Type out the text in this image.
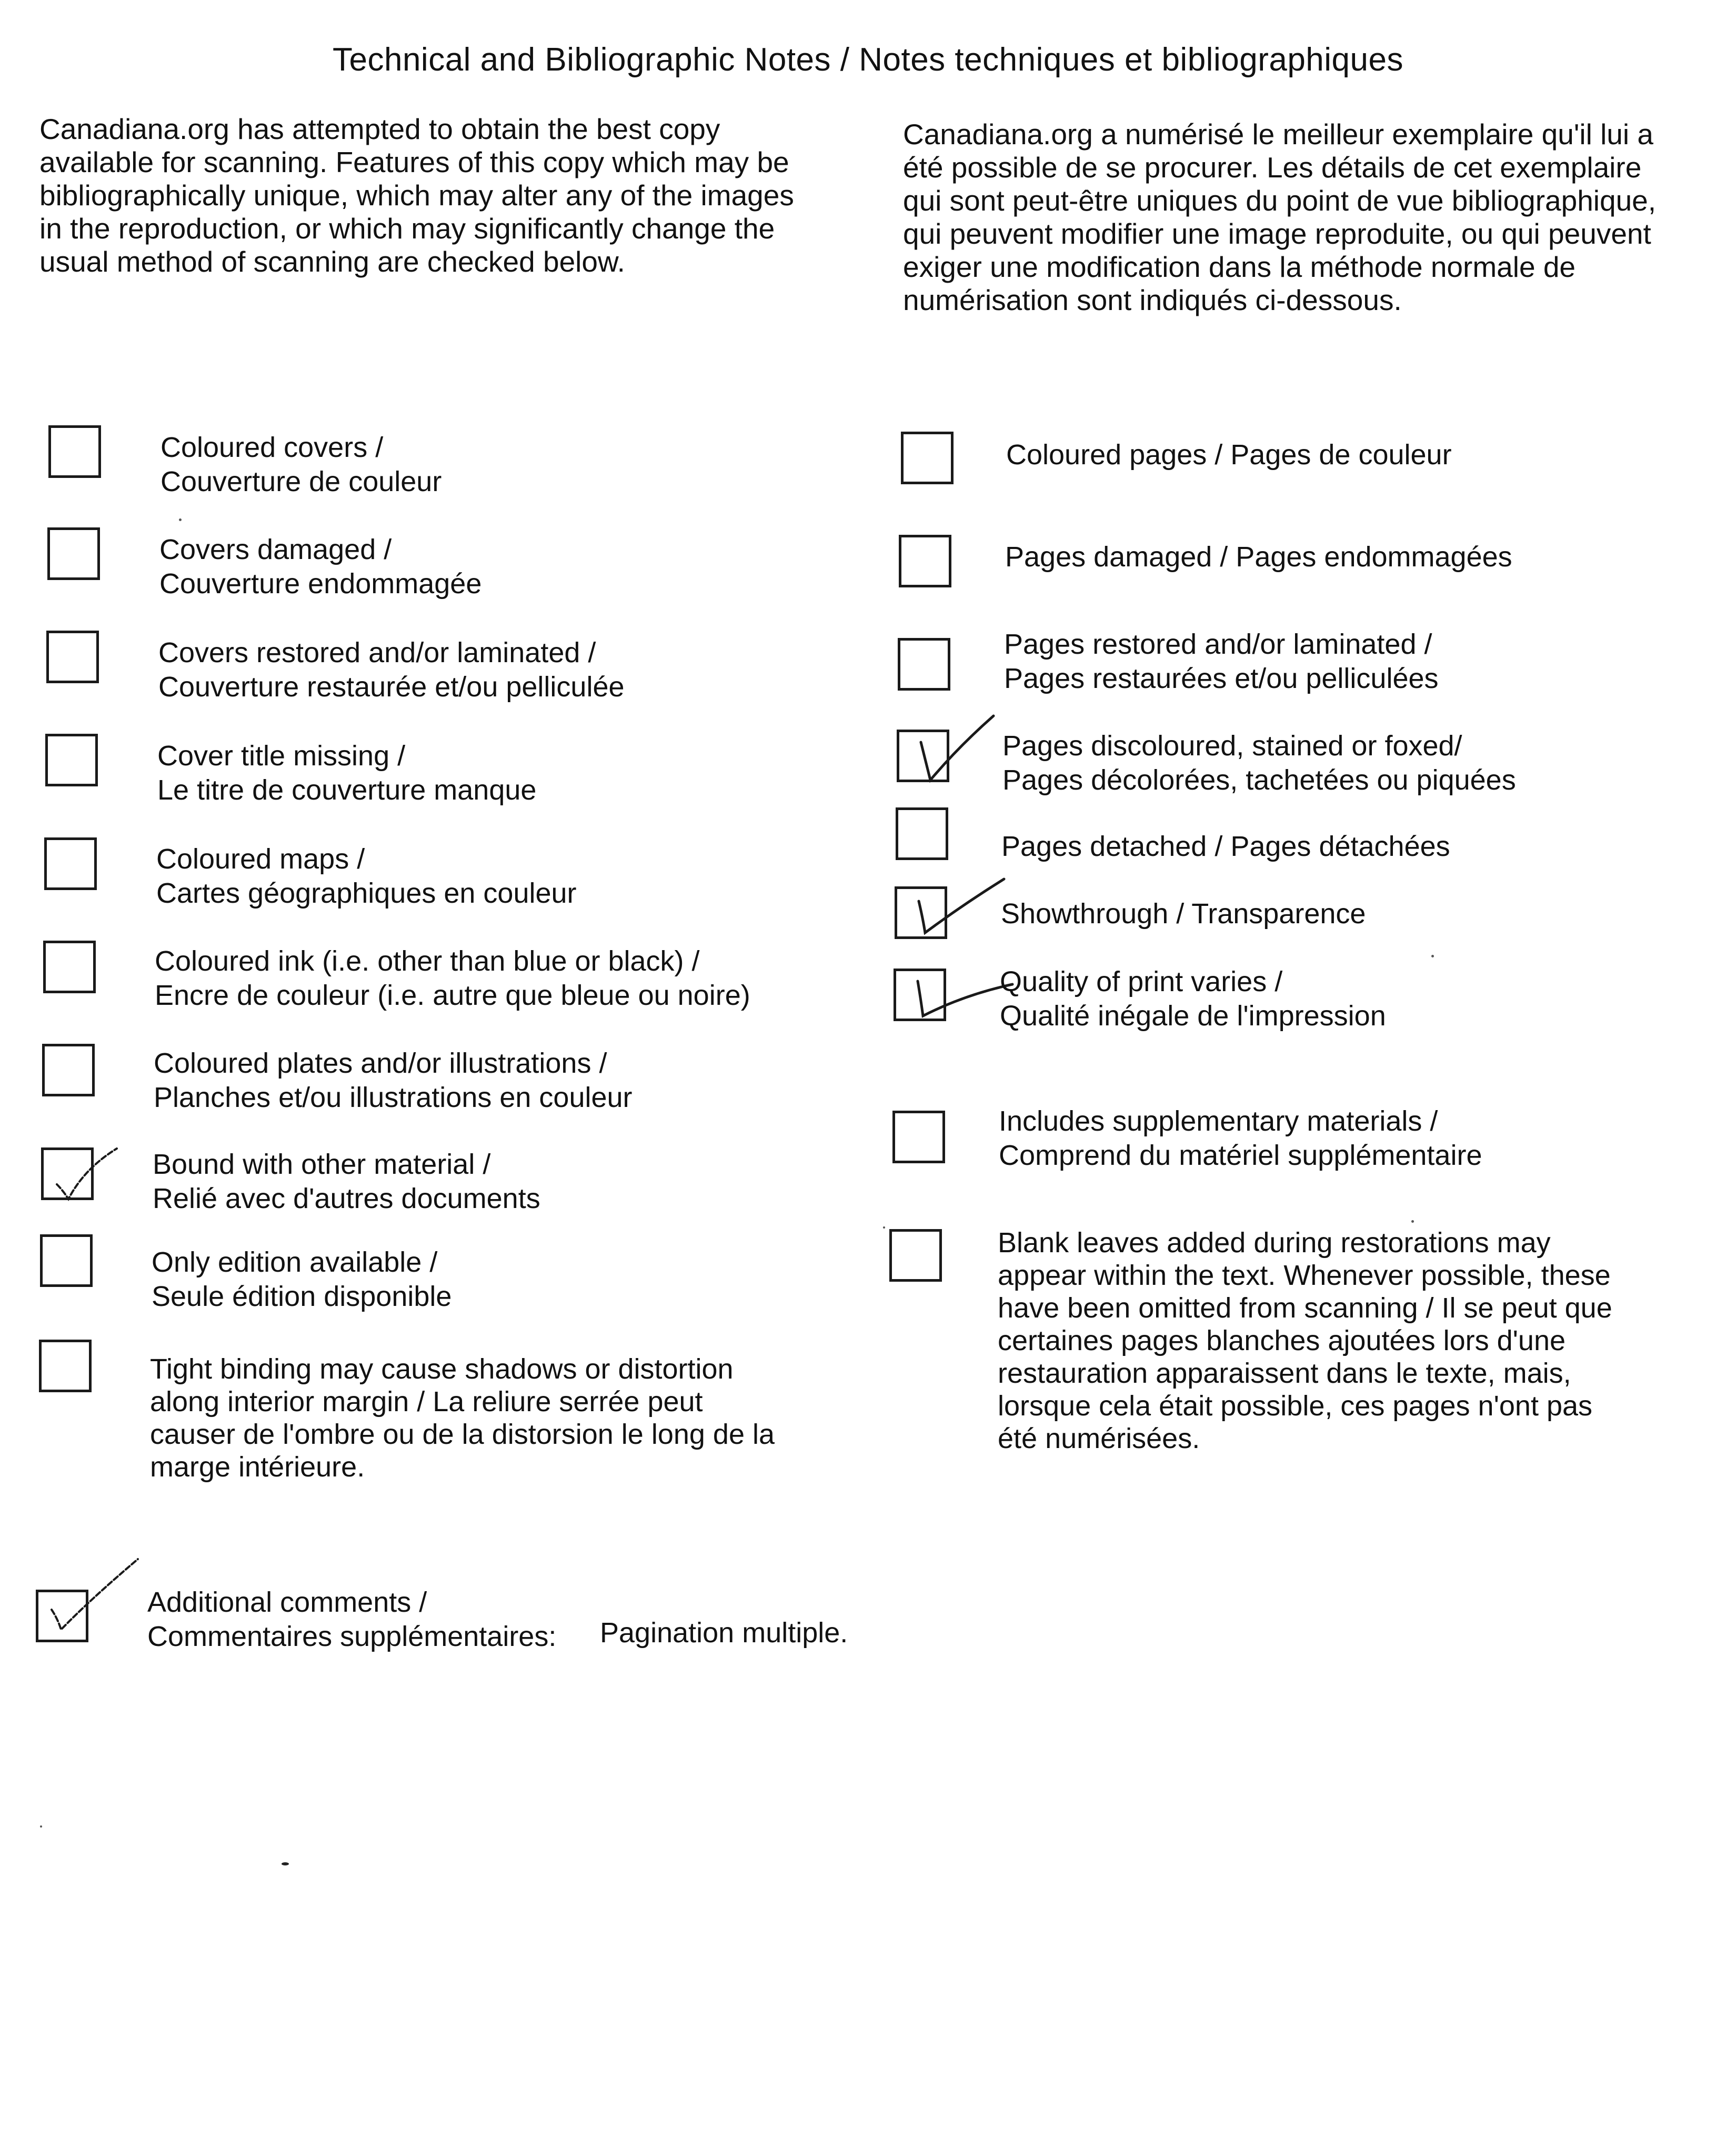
Technical and Bibliographic Notes / Notes techniques et bibliographiques
Canadiana.org has attempted to obtain the best copy
available for scanning. Features of this copy which may be
bibliographically unique, which may alter any of the images
in the reproduction, or which may significantly change the
usual method of scanning are checked below.
Canadiana.org a numérisé le meilleur exemplaire qu'il lui a
été possible de se procurer. Les détails de cet exemplaire
qui sont peut-être uniques du point de vue bibliographique,
qui peuvent modifier une image reproduite, ou qui peuvent
exiger une modification dans la méthode normale de
numérisation sont indiqués ci-dessous.
Coloured covers /
Couverture de couleur
Covers damaged /
Couverture endommagée
Covers restored and/or laminated /
Couverture restaurée et/ou pelliculée
Cover title missing /
Le titre de couverture manque
Coloured maps /
Cartes géographiques en couleur
Coloured ink (i.e. other than blue or black) /
Encre de couleur (i.e. autre que bleue ou noire)
Coloured plates and/or illustrations /
Planches et/ou illustrations en couleur
Bound with other material /
Relié avec d'autres documents
Only edition available /
Seule édition disponible
Tight binding may cause shadows or distortion
along interior margin / La reliure serrée peut
causer de l'ombre ou de la distorsion le long de la
marge intérieure.
Coloured pages / Pages de couleur
Pages damaged / Pages endommagées
Pages restored and/or laminated /
Pages restaurées et/ou pelliculées
Pages discoloured, stained or foxed/
Pages décolorées, tachetées ou piquées
Pages detached / Pages détachées
Showthrough / Transparence
Quality of print varies /
Qualité inégale de l'impression
Includes supplementary materials /
Comprend du matériel supplémentaire
Blank leaves added during restorations may
appear within the text. Whenever possible, these
have been omitted from scanning / Il se peut que
certaines pages blanches ajoutées lors d'une
restauration apparaissent dans le texte, mais,
lorsque cela était possible, ces pages n'ont pas
été numérisées.
Additional comments /
Commentaires supplémentaires: Pagination multiple.
